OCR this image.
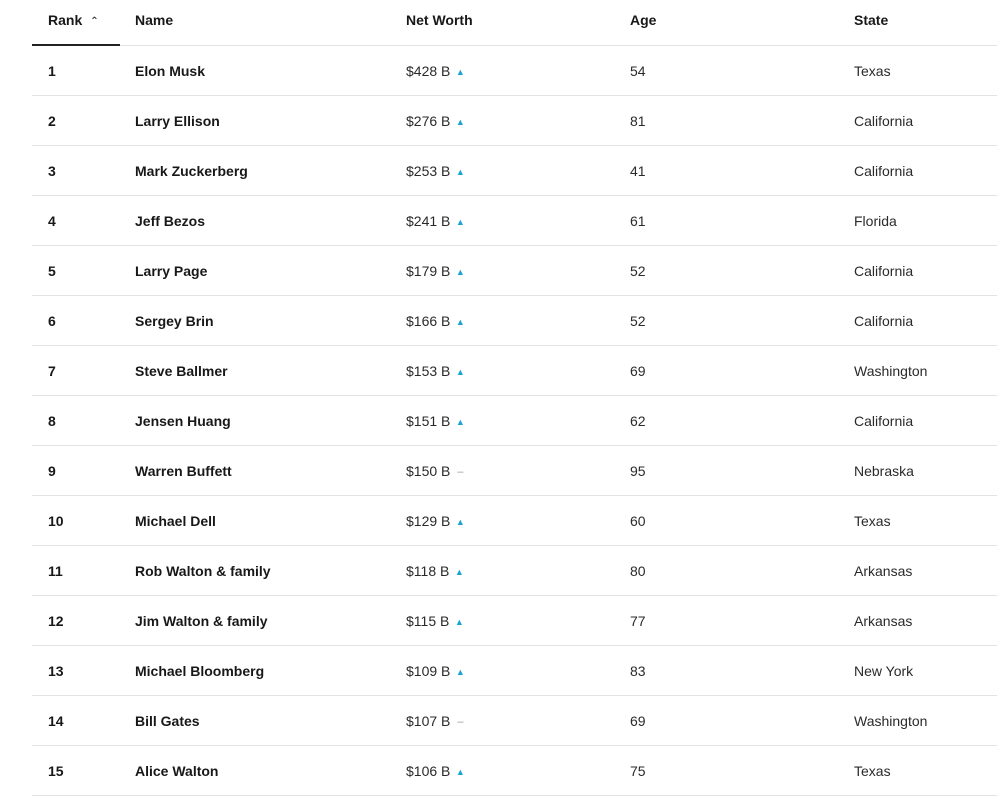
Rank ⌃	Name	Net Worth	Age	State
1	Elon Musk	$428 B ▲	54	Texas
2	Larry Ellison	$276 B ▲	81	California
3	Mark Zuckerberg	$253 B ▲	41	California
4	Jeff Bezos	$241 B ▲	61	Florida
5	Larry Page	$179 B ▲	52	California
6	Sergey Brin	$166 B ▲	52	California
7	Steve Ballmer	$153 B ▲	69	Washington
8	Jensen Huang	$151 B ▲	62	California
9	Warren Buffett	$150 B –	95	Nebraska
10	Michael Dell	$129 B ▲	60	Texas
11	Rob Walton & family	$118 B ▲	80	Arkansas
12	Jim Walton & family	$115 B ▲	77	Arkansas
13	Michael Bloomberg	$109 B ▲	83	New York
14	Bill Gates	$107 B –	69	Washington
15	Alice Walton	$106 B ▲	75	Texas
